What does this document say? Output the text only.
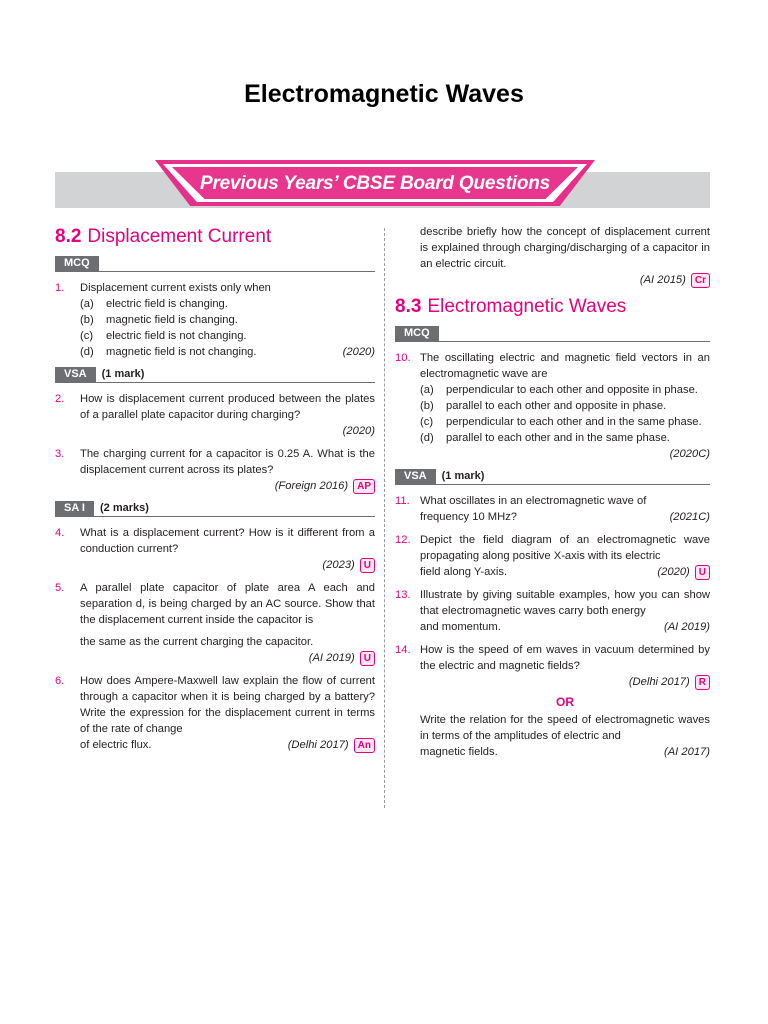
Electromagnetic Waves
Previous Years’ CBSE Board Questions
8.2 Displacement Current
MCQ
1.	Displacement current exists only when
(a)	electric field is changing.
(b)	magnetic field is changing.
(c)	electric field is not changing.
(d)	magnetic field is not changing.	(2020)
VSA	(1 mark)
2.	How is displacement current produced between the plates of a parallel plate capacitor during charging?
(2020)
3.	The charging current for a capacitor is 0.25 A. What is the displacement current across its plates?
(Foreign 2016) AP
SA I	(2 marks)
4.	What is a displacement current? How is it different from a conduction current?
(2023) U
5.	A parallel plate capacitor of plate area A each and separation d, is being charged by an AC source. Show that the displacement current inside the capacitor is
the same as the current charging the capacitor.
(AI 2019) U
6.	How does Ampere-Maxwell law explain the flow of current through a capacitor when it is being charged by a battery? Write the expression for the displacement current in terms of the rate of change
of electric flux.	(Delhi 2017) An
describe briefly how the concept of displacement current is explained through charging/discharging of a capacitor in an electric circuit.
(AI 2015) Cr
8.3 Electromagnetic Waves
MCQ
10. The oscillating electric and magnetic field vectors in an electromagnetic wave are
(a)	perpendicular to each other and opposite in phase.
(b)	parallel to each other and opposite in phase.
(c)	perpendicular to each other and in the same phase.
(d)	parallel to each other and in the same phase.
(2020C)
VSA	(1 mark)
11. What oscillates in an electromagnetic wave of
frequency 10 MHz?	(2021C)
12. Depict the field diagram of an electromagnetic wave propagating along positive X-axis with its electric
field along Y-axis.	(2020) U
13. Illustrate by giving suitable examples, how you can show that electromagnetic waves carry both energy
and momentum.	(AI 2019)
14. How is the speed of em waves in vacuum determined by the electric and magnetic fields?
(Delhi 2017) R
OR
Write the relation for the speed of electromagnetic waves in terms of the amplitudes of electric and
magnetic fields.	(AI 2017)
